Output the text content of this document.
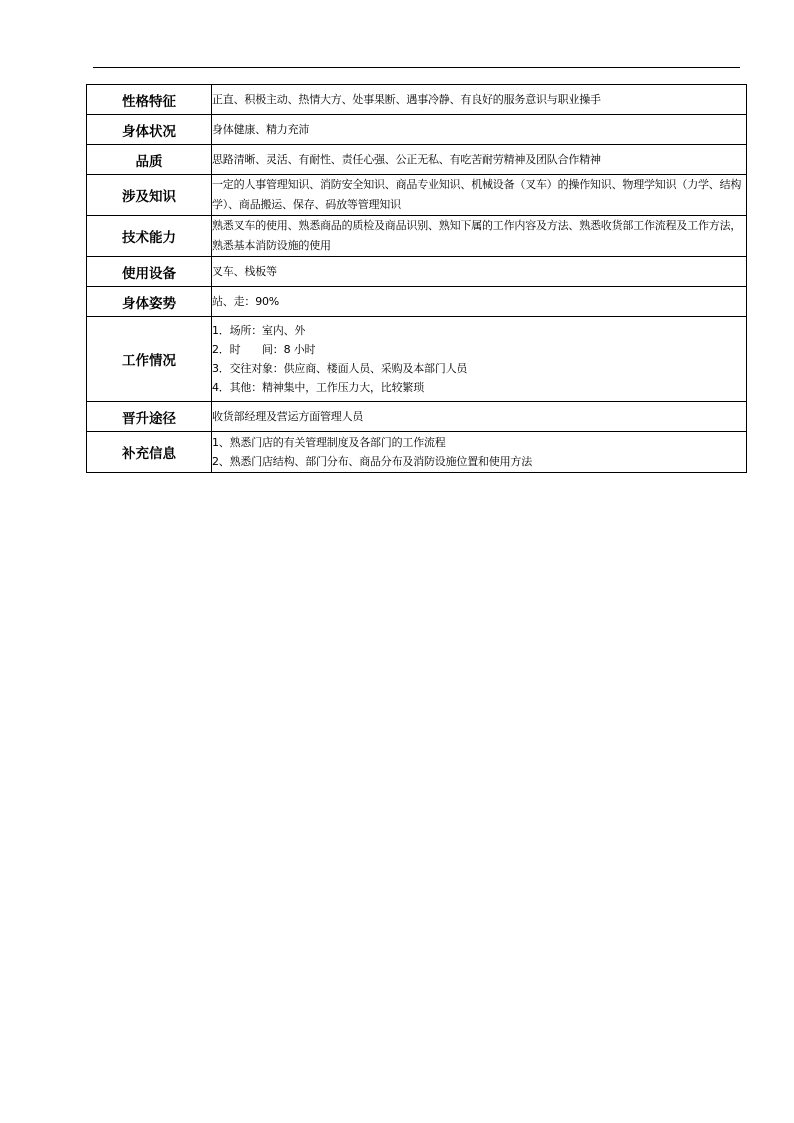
性格特征	正直、积极主动、热情大方、处事果断、遇事冷静、有良好的服务意识与职业操手

身体状况	身体健康、精力充沛

品质	思路清晰、灵活、有耐性、责任心强、公正无私、有吃苦耐劳精神及团队合作精神

涉及知识	一定的人事管理知识、消防安全知识、商品专业知识、机械设备（叉车）的操作知识、物理学知识（力学、结构学）、商品搬运、保存、码放等管理知识

技术能力	熟悉叉车的使用、熟悉商品的质检及商品识别、熟知下属的工作内容及方法、熟悉收货部工作流程及工作方法，熟悉基本消防设施的使用

使用设备	叉车、栈板等

身体姿势	站、走：90%

工作情况	1．场所：室内、外
2．时　　间：8 小时
3．交往对象：供应商、楼面人员、采购及本部门人员
4．其他：精神集中，工作压力大，比较繁琐

晋升途径	收货部经理及营运方面管理人员

补充信息	1、熟悉门店的有关管理制度及各部门的工作流程
2、熟悉门店结构、部门分布、商品分布及消防设施位置和使用方法
